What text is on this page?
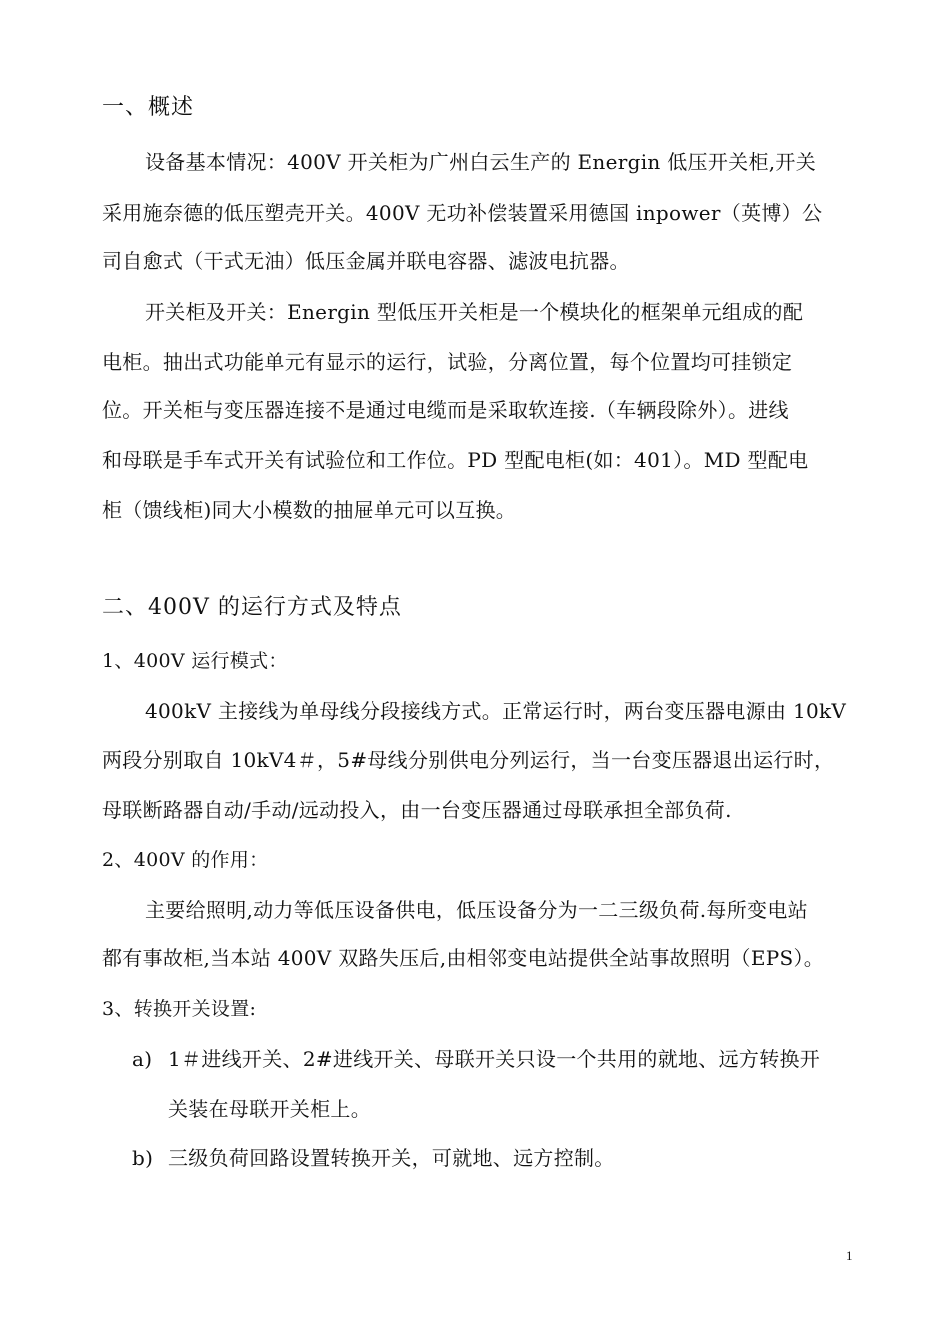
一、概述
设备基本情况：400V 开关柜为广州白云生产的 Energin 低压开关柜,开关
采用施奈德的低压塑壳开关。400V 无功补偿装置采用德国 inpower（英博）公
司自愈式（干式无油）低压金属并联电容器、滤波电抗器。
开关柜及开关：Energin 型低压开关柜是一个模块化的框架单元组成的配
电柜。抽出式功能单元有显示的运行，试验，分离位置，每个位置均可挂锁定
位。开关柜与变压器连接不是通过电缆而是采取软连接.（车辆段除外）。进线
和母联是手车式开关有试验位和工作位。PD 型配电柜(如：401）。MD 型配电
柜（馈线柜)同大小模数的抽屉单元可以互换。
二、400V 的运行方式及特点
1、400V 运行模式：
400kV 主接线为单母线分段接线方式。正常运行时，两台变压器电源由 10kV
两段分别取自 10kV4＃，5#母线分别供电分列运行，当一台变压器退出运行时，
母联断路器自动/手动/远动投入，由一台变压器通过母联承担全部负荷.
2、400V 的作用：
主要给照明,动力等低压设备供电，低压设备分为一二三级负荷.每所变电站
都有事故柜,当本站 400V 双路失压后,由相邻变电站提供全站事故照明（EPS）。
3、转换开关设置:
a) 1＃进线开关、2#进线开关、母联开关只设一个共用的就地、远方转换开
关装在母联开关柜上。
b) 三级负荷回路设置转换开关，可就地、远方控制。
1
